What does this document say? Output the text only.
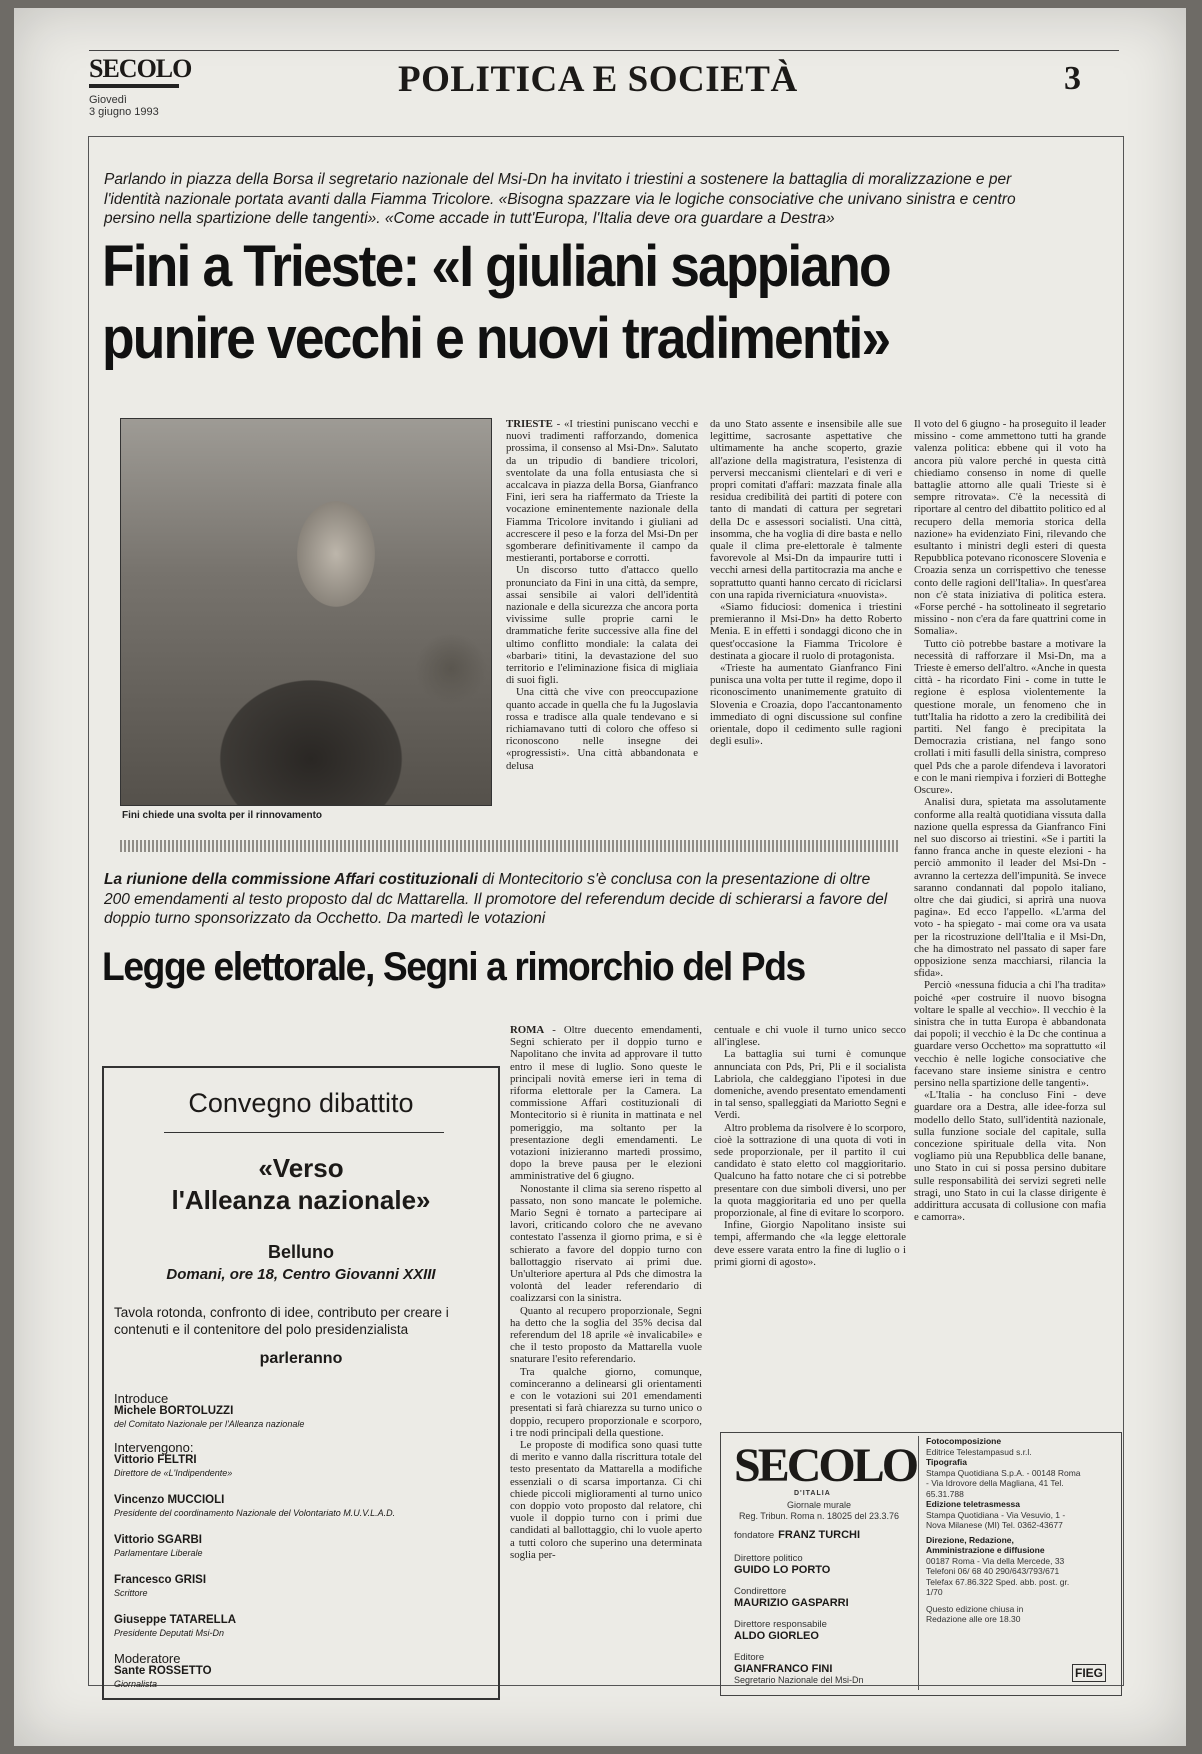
SECOLO
Giovedì
3 giugno 1993
POLITICA E SOCIETÀ	3
Parlando in piazza della Borsa il segretario nazionale del Msi-Dn ha invitato i triestini a sostenere la battaglia di moralizzazione e per l'identità nazionale portata avanti dalla Fiamma Tricolore. «Bisogna spazzare via le logiche consociative che univano sinistra e centro persino nella spartizione delle tangenti». «Come accade in tutt'Europa, l'Italia deve ora guardare a Destra»
Fini a Trieste: «I giuliani sappiano
punire vecchi e nuovi tradimenti»
Fini chiede una svolta per il rinnovamento

TRIESTE - «I triestini puniscano vecchi e nuovi tradimenti rafforzando, domenica prossima, il consenso al Msi-Dn». Salutato da un tripudio di bandiere tricolori, sventolate da una folla entusiasta che si accalcava in piazza della Borsa, Gianfranco Fini, ieri sera ha riaffermato da Trieste la vocazione eminentemente nazionale della Fiamma Tricolore invitando i giuliani ad accrescere il peso e la forza del Msi-Dn per sgomberare definitivamente il campo da mestieranti, portaborse e corrotti.

Un discorso tutto d'attacco quello pronunciato da Fini in una città, da sempre, assai sensibile ai valori dell'identità nazionale e della sicurezza che ancora porta vivissime sulle proprie carni le drammatiche ferite successive alla fine del ultimo conflitto mondiale: la calata dei «barbari» titini, la devastazione del suo territorio e l'eliminazione fisica di migliaia di suoi figli.

Una città che vive con preoccupazione quanto accade in quella che fu la Jugoslavia rossa e tradisce alla quale tendevano e si richiamavano tutti di coloro che offeso si riconoscono nelle insegne dei «progressisti». Una città abbandonata e delusa

da uno Stato assente e insensibile alle sue legittime, sacrosante aspettative che ultimamente ha anche scoperto, grazie all'azione della magistratura, l'esistenza di perversi meccanismi clientelari e di veri e propri comitati d'affari: mazzata finale alla residua credibilità dei partiti di potere con tanto di mandati di cattura per segretari della Dc e assessori socialisti. Una città, insomma, che ha voglia di dire basta e nello quale il clima pre-elettorale è talmente favorevole al Msi-Dn da impaurire tutti i vecchi arnesi della partitocrazia ma anche e soprattutto quanti hanno cercato di riciclarsi con una rapida riverniciatura «nuovista».

«Siamo fiduciosi: domenica i triestini premieranno il Msi-Dn» ha detto Roberto Menia. E in effetti i sondaggi dicono che in quest'occasione la Fiamma Tricolore è destinata a giocare il ruolo di protagonista.

«Trieste ha aumentato Gianfranco Fini punisca una volta per tutte il regime, dopo il riconoscimento unanimemente gratuito di Slovenia e Croazia, dopo l'accantonamento immediato di ogni discussione sul confine orientale, dopo il cedimento sulle ragioni degli esuli».

Il voto del 6 giugno - ha proseguito il leader missino - come ammettono tutti ha grande valenza politica: ebbene qui il voto ha ancora più valore perché in questa città chiediamo consenso in nome di quelle battaglie attorno alle quali Trieste si è sempre ritrovata». C'è la necessità di riportare al centro del dibattito politico ed al recupero della memoria storica della nazione» ha evidenziato Fini, rilevando che esultanto i ministri degli esteri di questa Repubblica potevano riconoscere Slovenia e Croazia senza un corrispettivo che tenesse conto delle ragioni dell'Italia». In quest'area non c'è stata iniziativa di politica estera. «Forse perché - ha sottolineato il segretario missino - non c'era da fare quattrini come in Somalia».

Tutto ciò potrebbe bastare a motivare la necessità di rafforzare il Msi-Dn, ma a Trieste è emerso dell'altro. «Anche in questa città - ha ricordato Fini - come in tutte le regione è esplosa violentemente la questione morale, un fenomeno che in tutt'Italia ha ridotto a zero la credibilità dei partiti. Nel fango è precipitata la Democrazia cristiana, nel fango sono crollati i miti fasulli della sinistra, compreso quel Pds che a parole difendeva i lavoratori e con le mani riempiva i forzieri di Botteghe Oscure».

Analisi dura, spietata ma assolutamente conforme alla realtà quotidiana vissuta dalla nazione quella espressa da Gianfranco Fini nel suo discorso ai triestini. «Se i partiti la fanno franca anche in queste elezioni - ha perciò ammonito il leader del Msi-Dn - avranno la certezza dell'impunità. Se invece saranno condannati dal popolo italiano, oltre che dai giudici, si aprirà una nuova pagina». Ed ecco l'appello. «L'arma del voto - ha spiegato - mai come ora va usata per la ricostruzione dell'Italia e il Msi-Dn, che ha dimostrato nel passato di saper fare opposizione senza macchiarsi, rilancia la sfida».

Perciò «nessuna fiducia a chi l'ha tradita» poiché «per costruire il nuovo bisogna voltare le spalle al vecchio». Il vecchio è la sinistra che in tutta Europa è abbandonata dai popoli; il vecchio è la Dc che continua a guardare verso Occhetto» ma soprattutto «il vecchio è nelle logiche consociative che facevano stare insieme sinistra e centro persino nella spartizione delle tangenti».

«L'Italia - ha concluso Fini - deve guardare ora a Destra, alle idee-forza sul modello dello Stato, sull'identità nazionale, sulla funzione sociale del capitale, sulla concezione spirituale della vita. Non vogliamo più una Repubblica delle banane, uno Stato in cui si possa persino dubitare sulle responsabilità dei servizi segreti nelle stragi, uno Stato in cui la classe dirigente è addirittura accusata di collusione con mafia e camorra».

La riunione della commissione Affari costituzionali di Montecitorio s'è conclusa con la presentazione di oltre 200 emendamenti al testo proposto dal dc Mattarella. Il promotore del referendum decide di schierarsi a favore del doppio turno sponsorizzato da Occhetto. Da martedì le votazioni
Legge elettorale, Segni a rimorchio del Pds

ROMA - Oltre duecento emendamenti, Segni schierato per il doppio turno e Napolitano che invita ad approvare il tutto entro il mese di luglio. Sono queste le principali novità emerse ieri in tema di riforma elettorale per la Camera. La commissione Affari costituzionali di Montecitorio si è riunita in mattinata e nel pomeriggio, ma soltanto per la presentazione degli emendamenti. Le votazioni inizieranno martedì prossimo, dopo la breve pausa per le elezioni amministrative del 6 giugno.

Nonostante il clima sia sereno rispetto al passato, non sono mancate le polemiche. Mario Segni è tornato a partecipare ai lavori, criticando coloro che ne avevano contestato l'assenza il giorno prima, e si è schierato a favore del doppio turno con ballottaggio riservato ai primi due. Un'ulteriore apertura al Pds che dimostra la volontà del leader referendario di coalizzarsi con la sinistra.

Quanto al recupero proporzionale, Segni ha detto che la soglia del 35% decisa dal referendum del 18 aprile «è invalicabile» e che il testo proposto da Mattarella vuole snaturare l'esito referendario.

Tra qualche giorno, comunque, cominceranno a delinearsi gli orientamenti e con le votazioni sui 201 emendamenti presentati si farà chiarezza su turno unico o doppio, recupero proporzionale e scorporo, i tre nodi principali della questione.

Le proposte di modifica sono quasi tutte di merito e vanno dalla riscrittura totale del testo presentato da Mattarella a modifiche essenziali o di scarsa importanza. Ci chi chiede piccoli miglioramenti al turno unico con doppio voto proposto dal relatore, chi vuole il doppio turno con i primi due candidati al ballottaggio, chi lo vuole aperto a tutti coloro che superino una determinata soglia per-

centuale e chi vuole il turno unico secco all'inglese.

La battaglia sui turni è comunque annunciata con Pds, Pri, Pli e il socialista Labriola, che caldeggiano l'ipotesi in due domeniche, avendo presentato emendamenti in tal senso, spalleggiati da Mariotto Segni e Verdi.

Altro problema da risolvere è lo scorporo, cioè la sottrazione di una quota di voti in sede proporzionale, per il partito il cui candidato è stato eletto col maggioritario. Qualcuno ha fatto notare che ci si potrebbe presentare con due simboli diversi, uno per la quota maggioritaria ed uno per quella proporzionale, al fine di evitare lo scorporo.

Infine, Giorgio Napolitano insiste sui tempi, affermando che «la legge elettorale deve essere varata entro la fine di luglio o i primi giorni di agosto».

Convegno dibattito
«Verso
l'Alleanza nazionale»
Belluno
Domani, ore 18, Centro Giovanni XXIII
Tavola rotonda, confronto di idee, contributo per creare i contenuti e il contenitore del polo presidenzialista
parleranno
Introduce
Michele BORTOLUZZI
del Comitato Nazionale per l'Alleanza nazionale
Intervengono:
Vittorio FELTRI
Direttore de «L'Indipendente»
Vincenzo MUCCIOLI
Presidente del coordinamento Nazionale del Volontariato M.U.V.L.A.D.
Vittorio SGARBI
Parlamentare Liberale
Francesco GRISI
Scrittore
Giuseppe TATARELLA
Presidente Deputati Msi-Dn
Moderatore
Sante ROSSETTO
Giornalista
SECOLO
D'ITALIA
Giornale murale
Reg. Tribun. Roma n. 18025 del 23.3.76
fondatore FRANZ TURCHI
Direttore politico
GUIDO LO PORTO
Condirettore
MAURIZIO GASPARRI
Direttore responsabile
ALDO GIORLEO
Editore
GIANFRANCO FINI
Segretario Nazionale del Msi-Dn
Fotocomposizione
Editrice Telestampasud s.r.l.
Tipografia
Stampa Quotidiana S.p.A. - 00148 Roma - Via Idrovore della Magliana, 41 Tel. 65.31.788
Edizione teletrasmessa
Stampa Quotidiana - Via Vesuvio, 1 - Nova Milanese (MI) Tel. 0362-43677
Direzione, Redazione, Amministrazione e diffusione
00187 Roma - Via della Mercede, 33 Telefoni 06/ 68 40 290/643/793/671 Telefax 67.86.322 Sped. abb. post. gr. 1/70
Questo edizione chiusa in Redazione alle ore 18.30
FIEG
